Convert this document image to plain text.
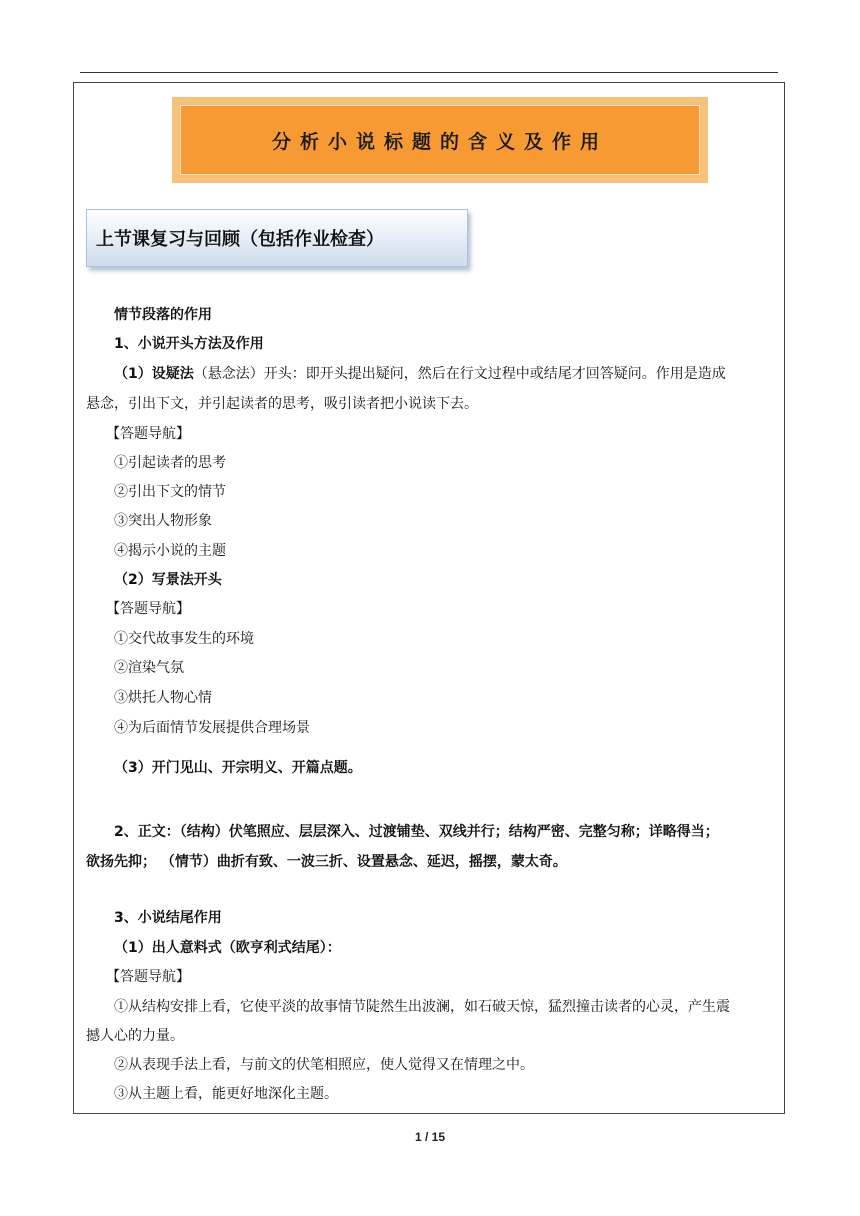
分析小说标题的含义及作用
上节课复习与回顾（包括作业检查）
情节段落的作用
1、小说开头方法及作用
（1）设疑法（悬念法）开头：即开头提出疑问，然后在行文过程中或结尾才回答疑问。作用是造成
悬念，引出下文，并引起读者的思考，吸引读者把小说读下去。
【答题导航】
①引起读者的思考
②引出下文的情节
③突出人物形象
④揭示小说的主题
（2）写景法开头
【答题导航】
①交代故事发生的环境
②渲染气氛
③烘托人物心情
④为后面情节发展提供合理场景
（3）开门见山、开宗明义、开篇点题。
2、正文：（结构）伏笔照应、层层深入、过渡铺垫、双线并行；结构严密、完整匀称；详略得当；
欲扬先抑； （情节）曲折有致、一波三折、设置悬念、延迟，摇摆，蒙太奇。
3、小说结尾作用
（1）出人意料式（欧亨利式结尾）：
【答题导航】
①从结构安排上看，它使平淡的故事情节陡然生出波澜，如石破天惊，猛烈撞击读者的心灵，产生震
撼人心的力量。
②从表现手法上看，与前文的伏笔相照应，使人觉得又在情理之中。
③从主题上看，能更好地深化主题。
1 / 15
